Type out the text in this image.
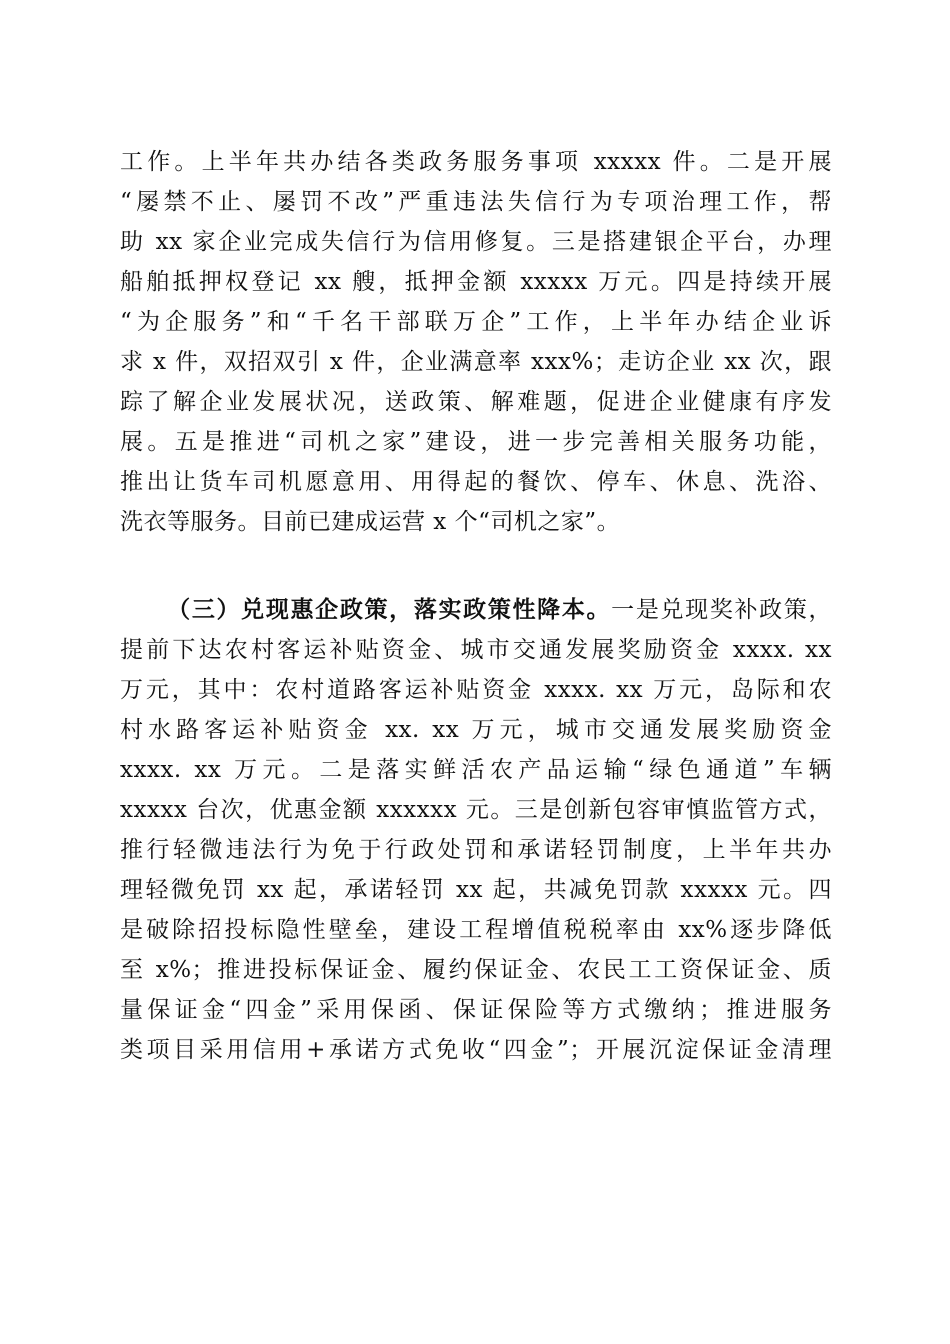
工作。上半年共办结各类政务服务事项 xxxxx 件。二是开展
“屡禁不止、屡罚不改”严重违法失信行为专项治理工作，帮
助 xx 家企业完成失信行为信用修复。三是搭建银企平台，办理
船舶抵押权登记 xx 艘，抵押金额 xxxxx 万元。四是持续开展
“为企服务”和“千名干部联万企”工作，上半年办结企业诉
求 x 件，双招双引 x 件，企业满意率 xxx%；走访企业 xx 次，跟
踪了解企业发展状况，送政策、解难题，促进企业健康有序发
展。五是推进“司机之家”建设，进一步完善相关服务功能，
推出让货车司机愿意用、用得起的餐饮、停车、休息、洗浴、
洗衣等服务。目前已建成运营 x 个“司机之家”。
（三）兑现惠企政策，落实政策性降本。一是兑现奖补政策，
提前下达农村客运补贴资金、城市交通发展奖励资金 xxxx. xx
万元，其中：农村道路客运补贴资金 xxxx. xx 万元，岛际和农
村水路客运补贴资金 xx. xx 万元，城市交通发展奖励资金
xxxx. xx 万元。二是落实鲜活农产品运输“绿色通道”车辆
xxxxx 台次，优惠金额 xxxxxx 元。三是创新包容审慎监管方式，
推行轻微违法行为免于行政处罚和承诺轻罚制度，上半年共办
理轻微免罚 xx 起，承诺轻罚 xx 起，共减免罚款 xxxxx 元。四
是破除招投标隐性壁垒，建设工程增值税税率由 xx%逐步降低
至 x%；推进投标保证金、履约保证金、农民工工资保证金、质
量保证金“四金”采用保函、保证保险等方式缴纳；推进服务
类项目采用信用+承诺方式免收“四金”；开展沉淀保证金清理
